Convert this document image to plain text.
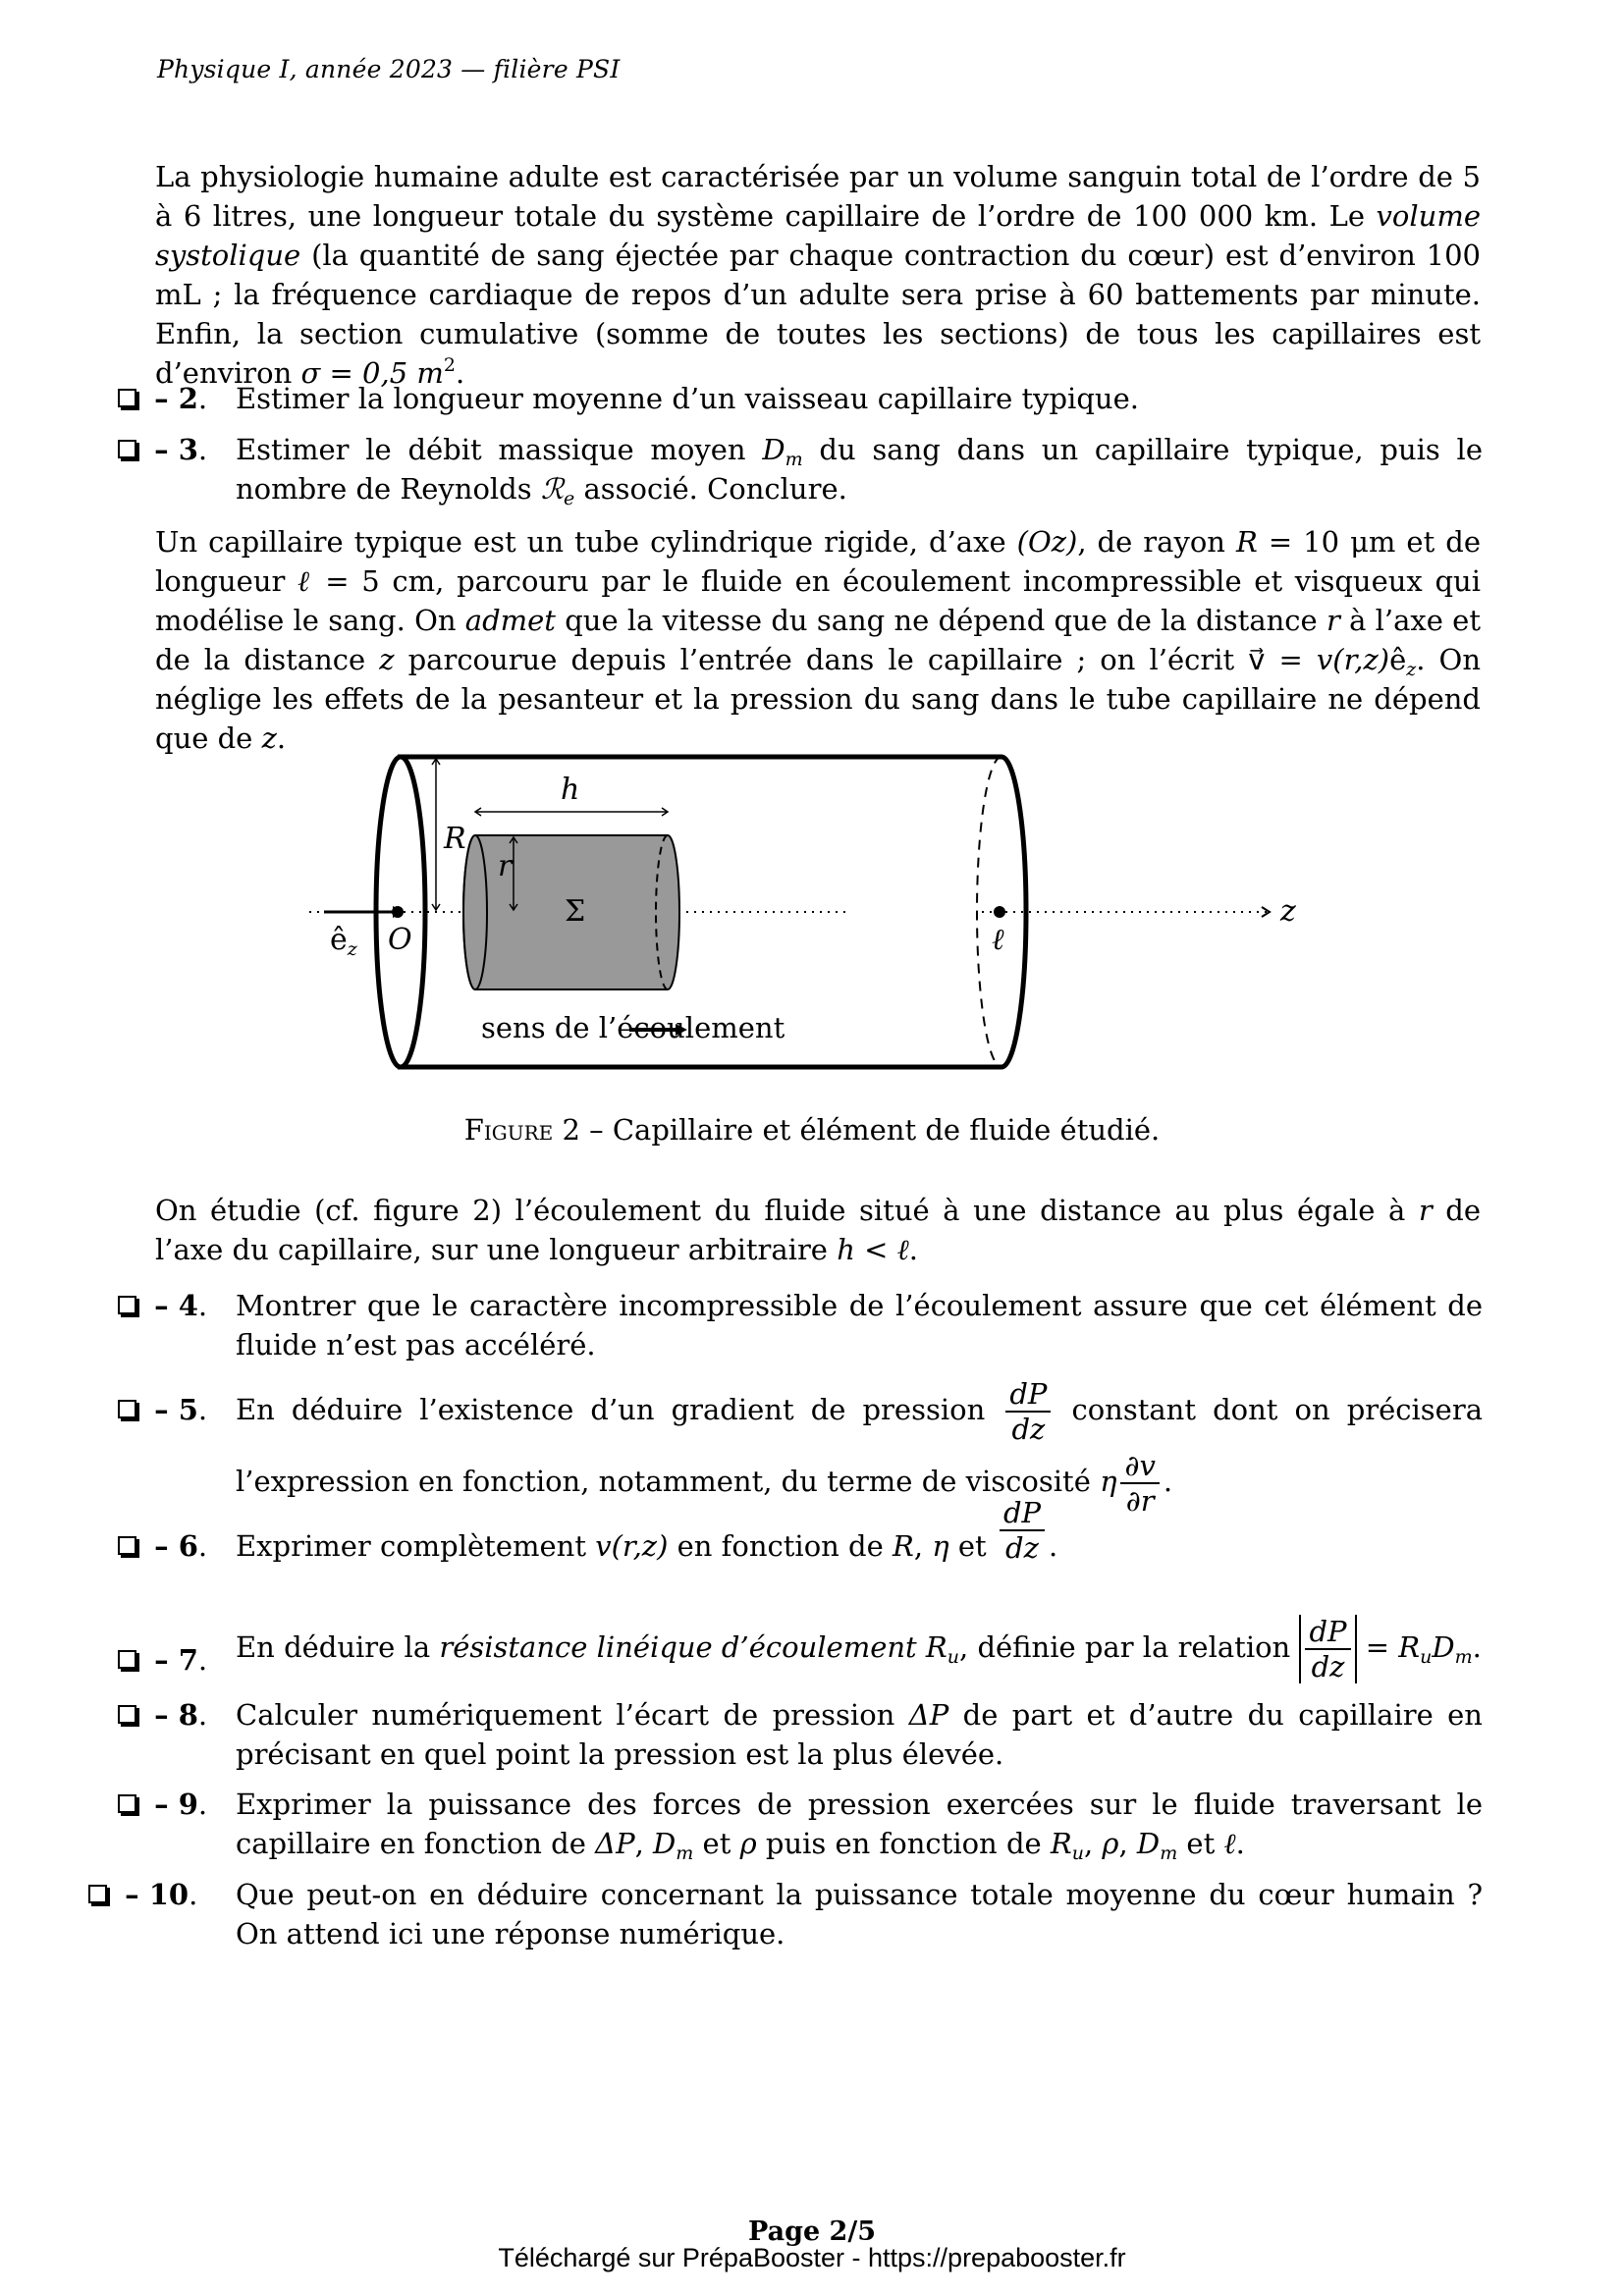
Physique I, année 2023 — filière PSI
La physiologie humaine adulte est caractérisée par un volume sanguin total de l’ordre de 5 à 6 litres, une longueur totale du système capillaire de l’ordre de 100 000 km. Le volume systolique (la quantité de sang éjectée par chaque contraction du cœur) est d’environ 100 mL ; la fréquence cardiaque de repos d’un adulte sera prise à 60 battements par minute. Enfin, la section cumulative (somme de toutes les sections) de tous les capillaires est d’environ σ = 0,5 $m^2$.
– 2. Estimer la longueur moyenne d’un vaisseau capillaire typique.
– 3. Estimer le débit massique moyen $D_m$ du sang dans un capillaire typique, puis le nombre de Reynolds ℛ$_e$ associé. Conclure.
Un capillaire typique est un tube cylindrique rigide, d’axe (Oz), de rayon R = 10 μm et de longueur ℓ = 5 cm, parcouru par le fluide en écoulement incompressible et visqueux qui modélise le sang. On admet que la vitesse du sang ne dépend que de la distance r à l’axe et de la distance z parcourue depuis l’entrée dans le capillaire ; on l’écrit v⃗ = $v(r,z)ê_z$. On néglige les effets de la pesanteur et la pression du sang dans le tube capillaire ne dépend que de z.
h
R
r
Σ
O	ℓ
z
$ê_z$
sens de l’écoulement
Figure 2 – Capillaire et élément de fluide étudié.
On étudie (cf. figure 2) l’écoulement du fluide situé à une distance au plus égale à r de l’axe du capillaire, sur une longueur arbitraire h < ℓ.
– 4. Montrer que le caractère incompressible de l’écoulement assure que cet élément de fluide n’est pas accéléré.
– 5. En déduire l’existence d’un gradient de pression $\frac{dP}{dz}$ constant dont on précisera l’expression en fonction, notamment, du terme de viscosité η $\frac{\partial v}{\partial r}$ .
– 6. Exprimer complètement v(r,z) en fonction de R, η et $\frac{dP}{dz}$ .
– 7. En déduire la résistance linéique d’écoulement $R_u$, définie par la relation $\frac{dP}{dz} = R_uD_m$.
– 8. Calculer numériquement l’écart de pression ΔP de part et d’autre du capillaire en précisant en quel point la pression est la plus élevée.
– 9. Exprimer la puissance des forces de pression exercées sur le fluide traversant le capillaire en fonction de ΔP, $D_m$ et ρ puis en fonction de $R_u$, ρ, $D_m$ et ℓ.
– 10. Que peut-on en déduire concernant la puissance totale moyenne du cœur humain ? On attend ici une réponse numérique.
Page 2/5
Téléchargé sur PrépaBooster - https://prepabooster.fr
